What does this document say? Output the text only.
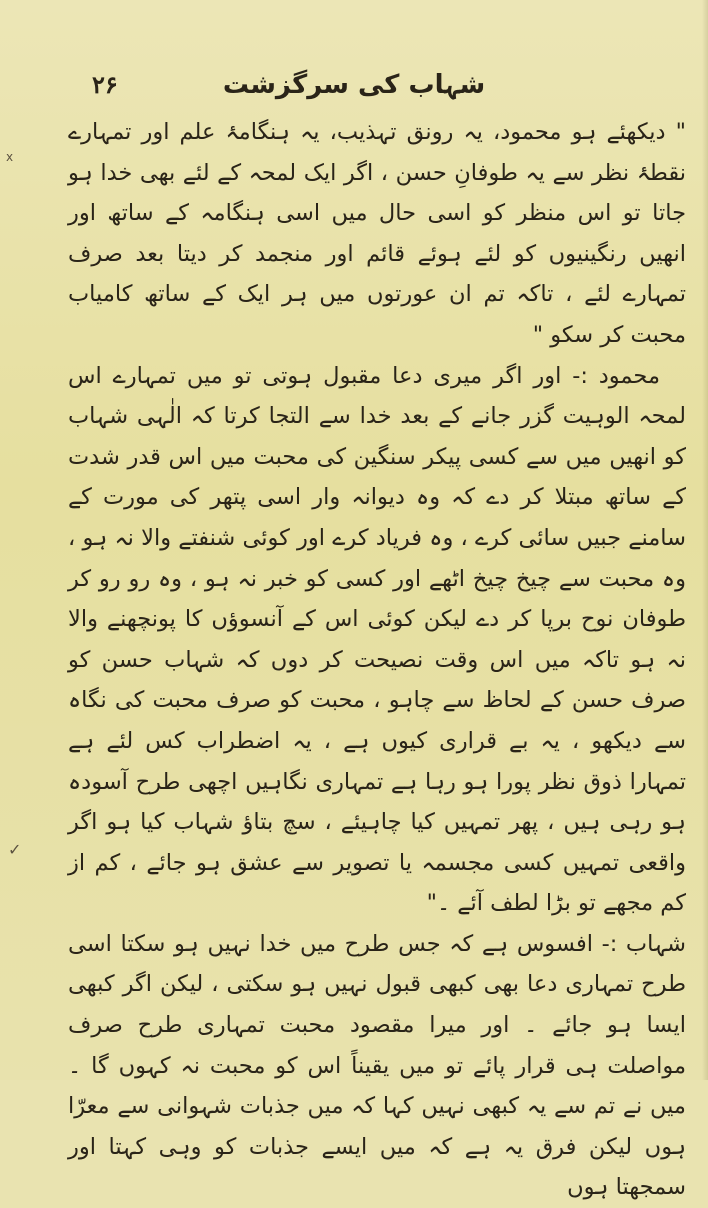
۲۶	شہاب کی سرگزشت
x
✓

" دیکھئے ہو محمود، یہ رونق تہذیب، یہ ہنگامۂ علم اور تمہارے نقطۂ نظر سے یہ طوفانِ حسن ، اگر ایک لمحہ کے لئے بھی خدا ہو جاتا تو اس منظر کو اسی حال میں اسی ہنگامہ کے ساتھ اور انھیں رنگینیوں کو لئے ہوئے قائم اور منجمد کر دیتا بعد صرف تمہارے لئے ، تاکہ تم ان عورتوں میں ہر ایک کے ساتھ کامیاب محبت کر سکو "

محمود :- اور اگر میری دعا مقبول ہوتی تو میں تمہارے اس لمحہ الوہیت گزر جانے کے بعد خدا سے التجا کرتا کہ الٰہی شہاب کو انھیں میں سے کسی پیکر سنگین کی محبت میں اس قدر شدت کے ساتھ مبتلا کر دے کہ وہ دیوانہ وار اسی پتھر کی مورت کے سامنے جبیں سائی کرے ، وہ فریاد کرے اور کوئی شنفتے والا نہ ہو ، وہ محبت سے چیخ چیخ اٹھے اور کسی کو خبر نہ ہو ، وہ رو رو کر طوفان نوح برپا کر دے لیکن کوئی اس کے آنسوؤں کا پونچھنے والا نہ ہو تاکہ میں اس وقت نصیحت کر دوں کہ شہاب حسن کو صرف حسن کے لحاظ سے چاہو ، محبت کو صرف محبت کی نگاہ سے دیکھو ، یہ بے قراری کیوں ہے ، یہ اضطراب کس لئے ہے تمہارا ذوق نظر پورا ہو رہا ہے تمہاری نگاہیں اچھی طرح آسودہ ہو رہی ہیں ، پھر تمہیں کیا چاہیئے ، سچ بتاؤ شہاب کیا ہو اگر واقعی تمہیں کسی مجسمہ یا تصویر سے عشق ہو جائے ، کم از کم مجھے تو بڑا لطف آئے ۔"

شہاب :- افسوس ہے کہ جس طرح میں خدا نہیں ہو سکتا اسی طرح تمہاری دعا بھی کبھی قبول نہیں ہو سکتی ، لیکن اگر کبھی ایسا ہو جائے ۔ اور میرا مقصود محبت تمہاری طرح صرف مواصلت ہی قرار پائے تو میں یقیناً اس کو محبت نہ کہوں گا ۔ میں نے تم سے یہ کبھی نہیں کہا کہ میں جذبات شہوانی سے معرّا ہوں لیکن فرق یہ ہے کہ میں ایسے جذبات کو وہی کہتا اور سمجھتا ہوں
